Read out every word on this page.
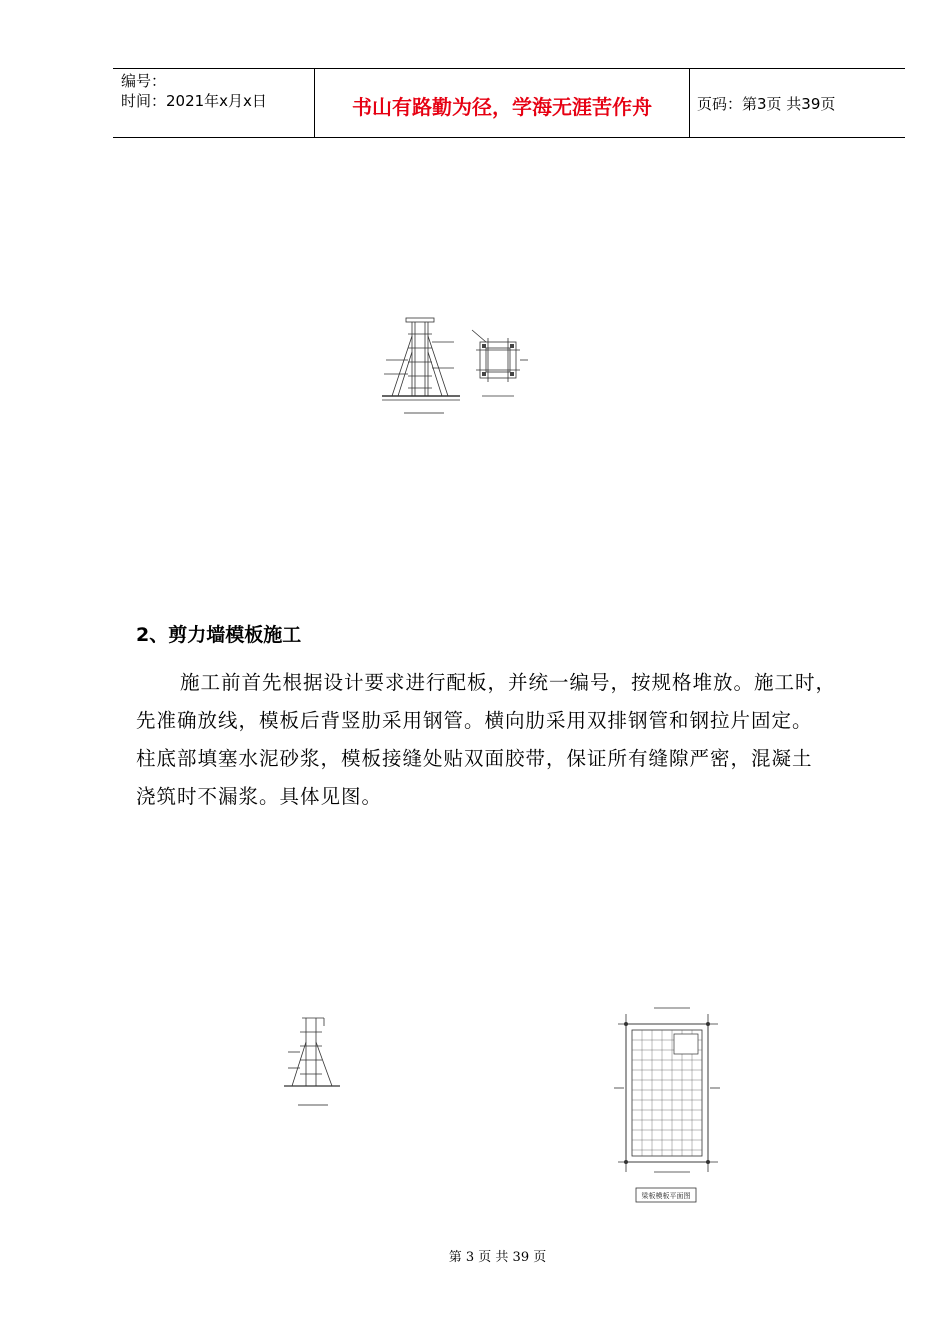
编号：
时间：2021年x月x日	书山有路勤为径，学海无涯苦作舟	页码：第3页 共39页
2、剪力墙模板施工
施工前首先根据设计要求进行配板，并统一编号，按规格堆放。施工时，
先准确放线，模板后背竖肋采用钢管。横向肋采用双排钢管和钢拉片固定。
柱底部填塞水泥砂浆，模板接缝处贴双面胶带，保证所有缝隙严密，混凝土
浇筑时不漏浆。具体见图。
梁板模板平面图
第 3 页 共 39 页
